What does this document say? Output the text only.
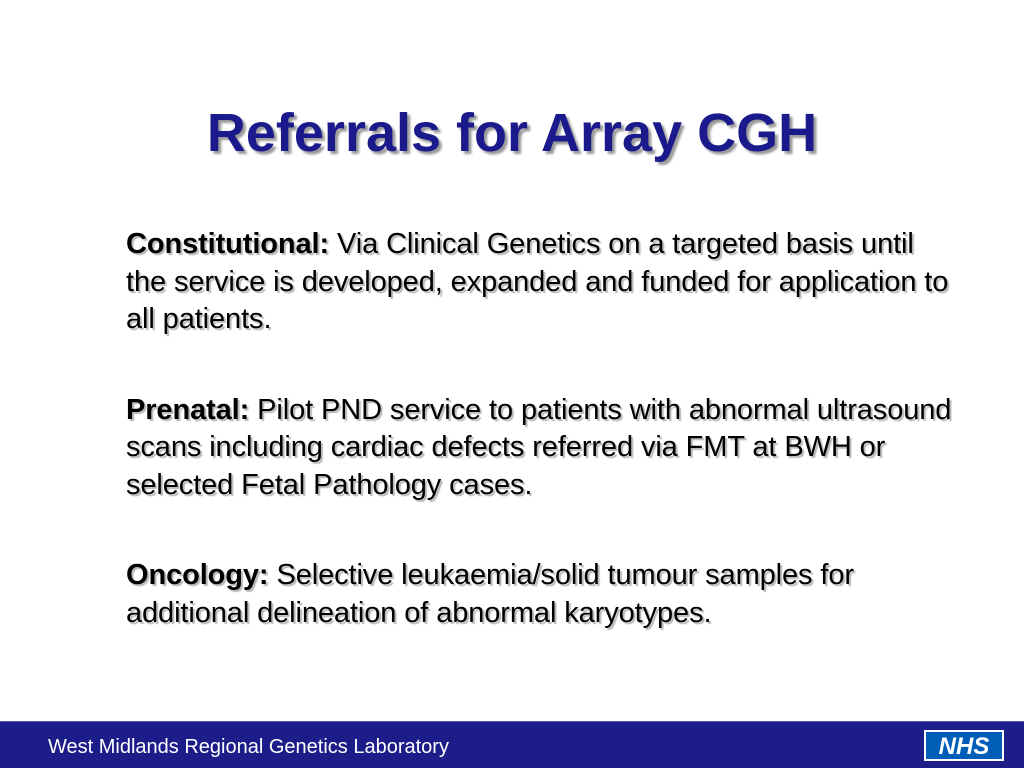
Referrals for Array CGH

Constitutional: Via Clinical Genetics on a targeted basis until the service is developed, expanded and funded for application to all patients.

Prenatal: Pilot PND service to patients with abnormal ultrasound scans including cardiac defects referred via FMT at BWH or selected Fetal Pathology cases.

Oncology: Selective leukaemia/solid tumour samples for additional delineation of abnormal karyotypes.

West Midlands Regional Genetics Laboratory	NHS
